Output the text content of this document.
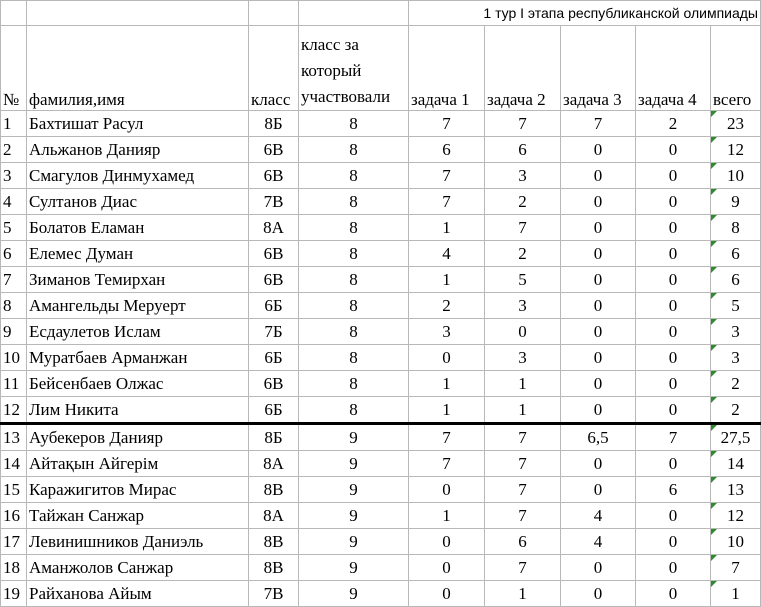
				1 тур I этапа республиканской олимпиады				
№	фамилия,имя	класс	класс за который участвовали	задача 1	задача 2	задача 3	задача 4	всего
1	Бахтишат Расул	8Б	8	7	7	7	2	23
2	Альжанов Данияр	6В	8	6	6	0	0	12
3	Смагулов Динмухамед	6В	8	7	3	0	0	10
4	Султанов Диас	7В	8	7	2	0	0	9
5	Болатов Еламан	8А	8	1	7	0	0	8
6	Елемес Думан	6В	8	4	2	0	0	6
7	Зиманов Темирхан	6В	8	1	5	0	0	6
8	Амангельды Меруерт	6Б	8	2	3	0	0	5
9	Есдаулетов Ислам	7Б	8	3	0	0	0	3
10	Муратбаев Арманжан	6Б	8	0	3	0	0	3
11	Бейсенбаев Олжас	6В	8	1	1	0	0	2
12	Лим Никита	6Б	8	1	1	0	0	2
13	Аубекеров Данияр	8Б	9	7	7	6,5	7	27,5
14	Айтақын Айгерім	8А	9	7	7	0	0	14
15	Каражигитов Мирас	8В	9	0	7	0	6	13
16	Тайжан Санжар	8А	9	1	7	4	0	12
17	Левинишников Даниэль	8В	9	0	6	4	0	10
18	Аманжолов Санжар	8В	9	0	7	0	0	7
19	Райханова Айым	7В	9	0	1	0	0	1
